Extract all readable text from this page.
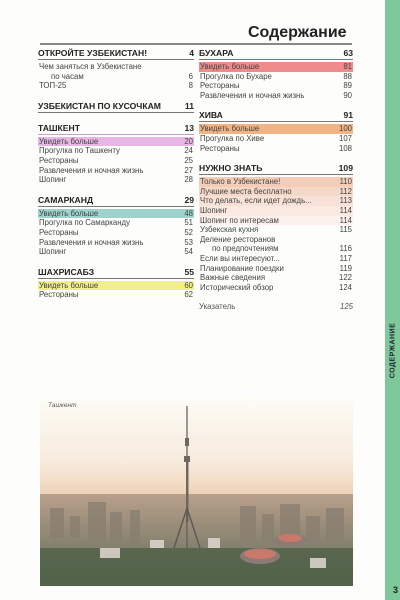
Содержание
ОТКРОЙТЕ УЗБЕКИСТАН!	4
Чем заняться в Узбекистане
по часам	6
ТОП-25	8
УЗБЕКИСТАН ПО КУСОЧКАМ	11
ТАШКЕНТ	13
Увидеть больше	20
Прогулка по Ташкенту	24
Рестораны	25
Развлечения и ночная жизнь	27
Шопинг	28
САМАРКАНД	29
Увидеть больше	48
Прогулка по Самарканду	51
Рестораны	52
Развлечения и ночная жизнь	53
Шопинг	54
ШАХРИСАБЗ	55
Увидеть больше	60
Рестораны	62
БУХАРА	63
Увидеть больше	81
Прогулка по Бухаре	88
Рестораны	89
Развлечения и ночная жизнь	90
ХИВА	91
Увидеть больше	100
Прогулка по Хиве	107
Рестораны	108
НУЖНО ЗНАТЬ	109
Только в Узбекистане!	110
Лучшие места бесплатно	112
Что делать, если идет дождь...	113
Шопинг	114
Шопинг по интересам	114
Узбекская кухня	115
Деление ресторанов
по предпочтениям	116
Если вы интересуют...	117
Планирование поездки	119
Важные сведения	122
Исторический обзор	124
Указатель	125
Ташкент
СОДЕРЖАНИЕ
3
